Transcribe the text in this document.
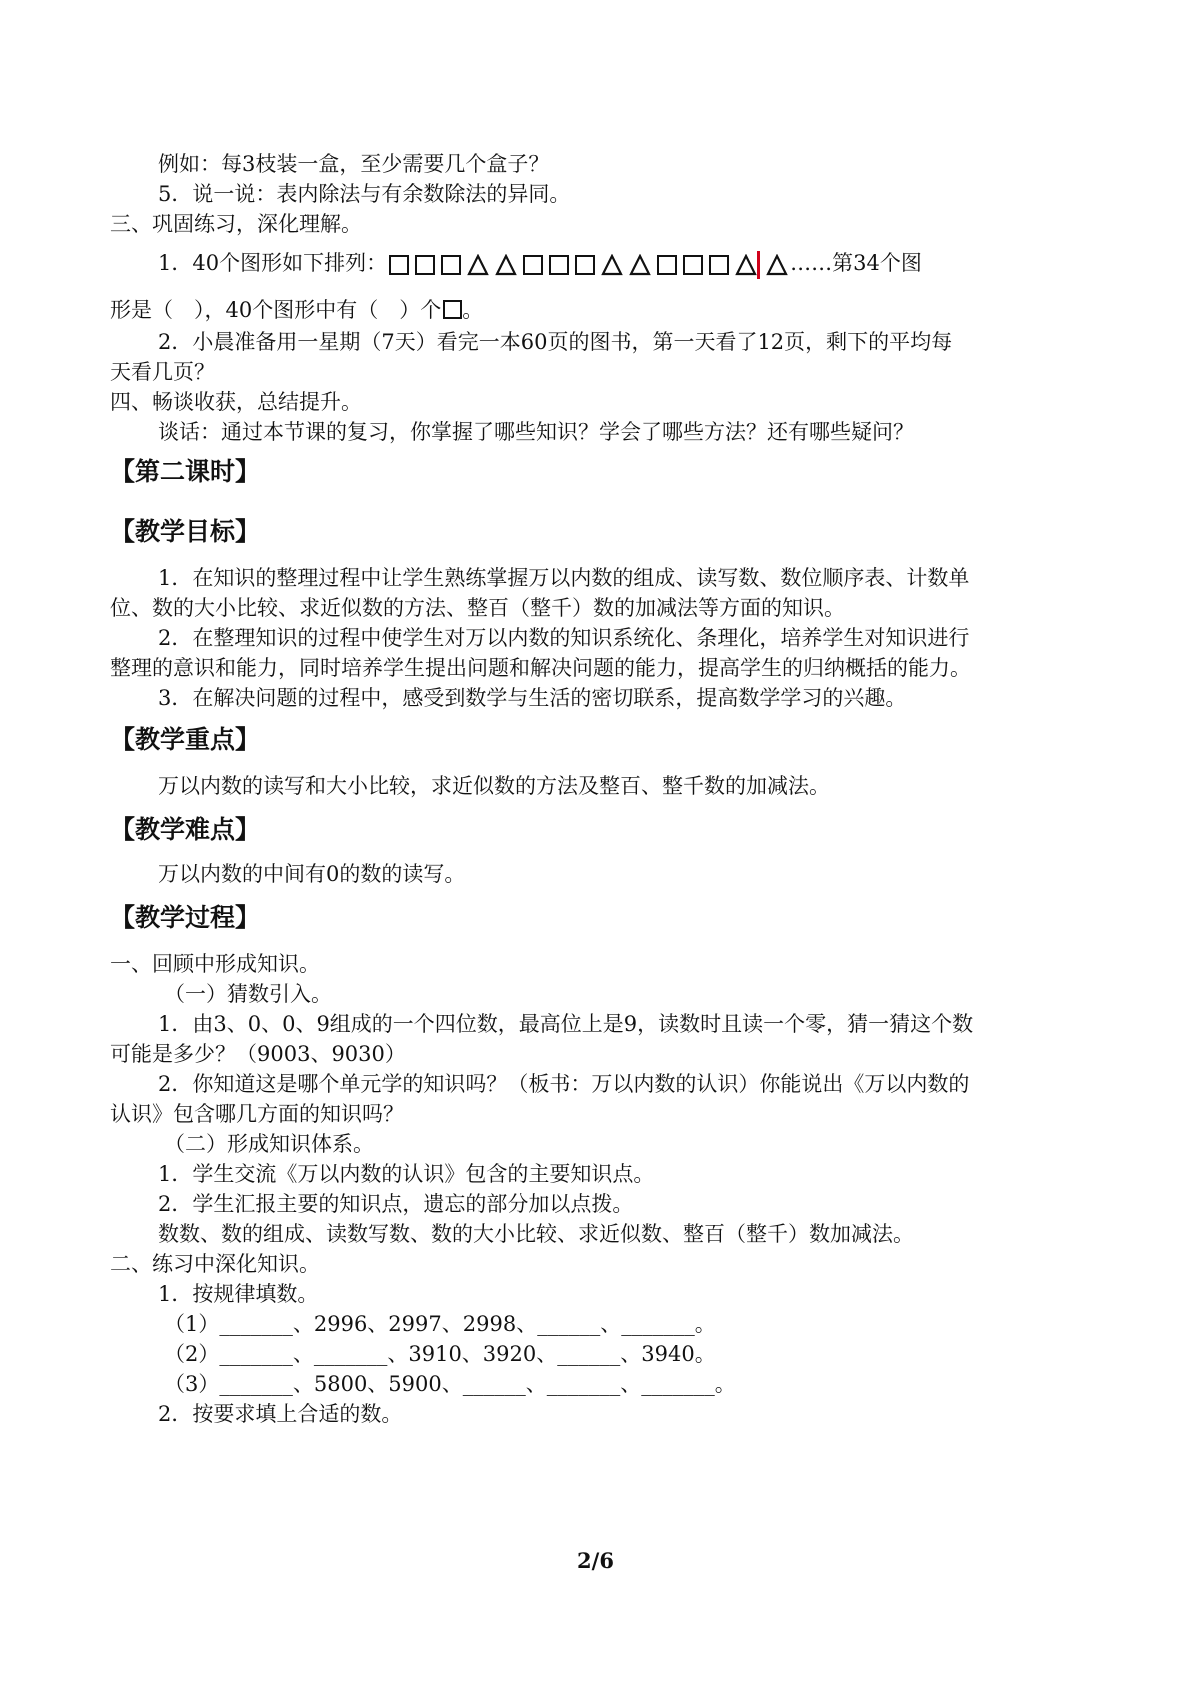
例如：每3枝装一盒，至少需要几个盒子？
5．说一说：表内除法与有余数除法的异同。
三、巩固练习，深化理解。
1．40个图形如下排列：	……第34个图
形是（　），40个图形中有（　）个 。
2．小晨准备用一星期（7天）看完一本60页的图书，第一天看了12页，剩下的平均每
天看几页？
四、畅谈收获，总结提升。
谈话：通过本节课的复习，你掌握了哪些知识？学会了哪些方法？还有哪些疑问？
【第二课时】
【教学目标】
1．在知识的整理过程中让学生熟练掌握万以内数的组成、读写数、数位顺序表、计数单
位、数的大小比较、求近似数的方法、整百（整千）数的加减法等方面的知识。
2．在整理知识的过程中使学生对万以内数的知识系统化、条理化，培养学生对知识进行
整理的意识和能力，同时培养学生提出问题和解决问题的能力，提高学生的归纳概括的能力。
3．在解决问题的过程中，感受到数学与生活的密切联系，提高数学学习的兴趣。
【教学重点】
万以内数的读写和大小比较，求近似数的方法及整百、整千数的加减法。
【教学难点】
万以内数的中间有0的数的读写。
【教学过程】
一、回顾中形成知识。
（一）猜数引入。
1．由3、0、0、9组成的一个四位数，最高位上是9，读数时且读一个零，猜一猜这个数
可能是多少？（9003、9030）
2．你知道这是哪个单元学的知识吗？（板书：万以内数的认识）你能说出《万以内数的
认识》包含哪几方面的知识吗？
（二）形成知识体系。
1．学生交流《万以内数的认识》包含的主要知识点。
2．学生汇报主要的知识点，遗忘的部分加以点拨。
数数、数的组成、读数写数、数的大小比较、求近似数、整百（整千）数加减法。
二、练习中深化知识。
1．按规律填数。
（1）_______、2996、2997、2998、______、_______。
（2）_______、_______、3910、3920、______、3940。
（3）_______、5800、5900、______、_______、_______。
2．按要求填上合适的数。
2/6
